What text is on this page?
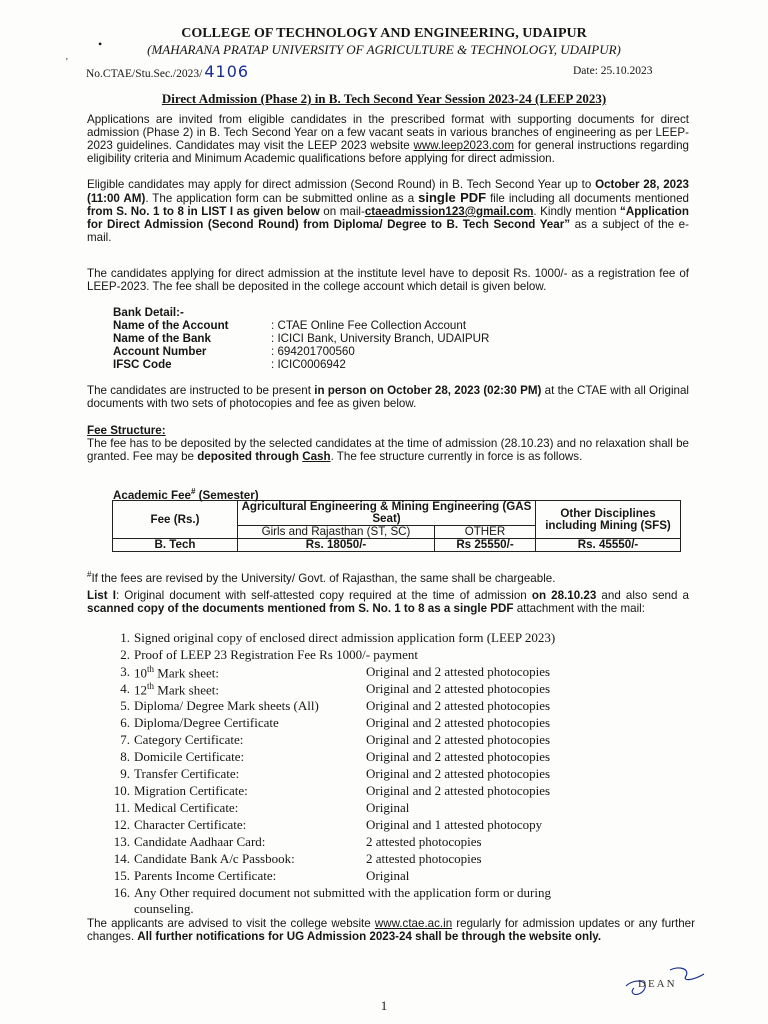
COLLEGE OF TECHNOLOGY AND ENGINEERING, UDAIPUR
•	(MAHARANA PRATAP UNIVERSITY OF AGRICULTURE & TECHNOLOGY, UDAIPUR)
'
No.CTAE/Stu.Sec./2023/ 4106	Date: 25.10.2023
Direct Admission (Phase 2) in B. Tech Second Year Session 2023-24 (LEEP 2023)
Applications are invited from eligible candidates in the prescribed format with supporting documents for direct admission (Phase 2) in B. Tech Second Year on a few vacant seats in various branches of engineering as per LEEP-2023 guidelines. Candidates may visit the LEEP 2023 website www.leep2023.com for general instructions regarding eligibility criteria and Minimum Academic qualifications before applying for direct admission.
Eligible candidates may apply for direct admission (Second Round) in B. Tech Second Year up to October 28, 2023 (11:00 AM). The application form can be submitted online as a single PDF file including all documents mentioned from S. No. 1 to 8 in LIST I as given below on mail-ctaeadmission123@gmail.com. Kindly mention “Application for Direct Admission (Second Round) from Diploma/ Degree to B. Tech Second Year” as a subject of the e-mail.
The candidates applying for direct admission at the institute level have to deposit Rs. 1000/- as a registration fee of LEEP-2023. The fee shall be deposited in the college account which detail is given below.
Bank Detail:-
Name of the Account	: CTAE Online Fee Collection Account
Name of the Bank	: ICICI Bank, University Branch, UDAIPUR
Account Number	: 694201700560
IFSC Code	: ICIC0006942
The candidates are instructed to be present in person on October 28, 2023 (02:30 PM) at the CTAE with all Original documents with two sets of photocopies and fee as given below.
Fee Structure:
The fee has to be deposited by the selected candidates at the time of admission (28.10.23) and no relaxation shall be granted. Fee may be deposited through Cash. The fee structure currently in force is as follows.
Academic Fee# (Semester)
Fee (Rs.)	Agricultural Engineering & Mining Engineering (GAS Seat)		Other Disciplines including Mining (SFS)
	Girls and Rajasthan (ST, SC)	OTHER	
B. Tech	Rs. 18050/-	Rs 25550/-	Rs. 45550/-
#If the fees are revised by the University/ Govt. of Rajasthan, the same shall be chargeable.
List I: Original document with self-attested copy required at the time of admission on 28.10.23 and also send a scanned copy of the documents mentioned from S. No. 1 to 8 as a single PDF attachment with the mail:
1. Signed original copy of enclosed direct admission application form (LEEP 2023)
2. Proof of LEEP 23 Registration Fee Rs 1000/- payment
3. 10th Mark sheet:	Original and 2 attested photocopies
4. 12th Mark sheet:	Original and 2 attested photocopies
5. Diploma/ Degree Mark sheets (All)	Original and 2 attested photocopies
6. Diploma/Degree Certificate	Original and 2 attested photocopies
7. Category Certificate:	Original and 2 attested photocopies
8. Domicile Certificate:	Original and 2 attested photocopies
9. Transfer Certificate:	Original and 2 attested photocopies
10. Migration Certificate:	Original and 2 attested photocopies
11. Medical Certificate:	Original
12. Character Certificate:	Original and 1 attested photocopy
13. Candidate Aadhaar Card:	2 attested photocopies
14. Candidate Bank A/c Passbook:	2 attested photocopies
15. Parents Income Certificate:	Original
16. Any Other required document not submitted with the application form or during
counseling.
The applicants are advised to visit the college website www.ctae.ac.in regularly for admission updates or any further changes. All further notifications for UG Admission 2023-24 shall be through the website only.
DEAN
1
